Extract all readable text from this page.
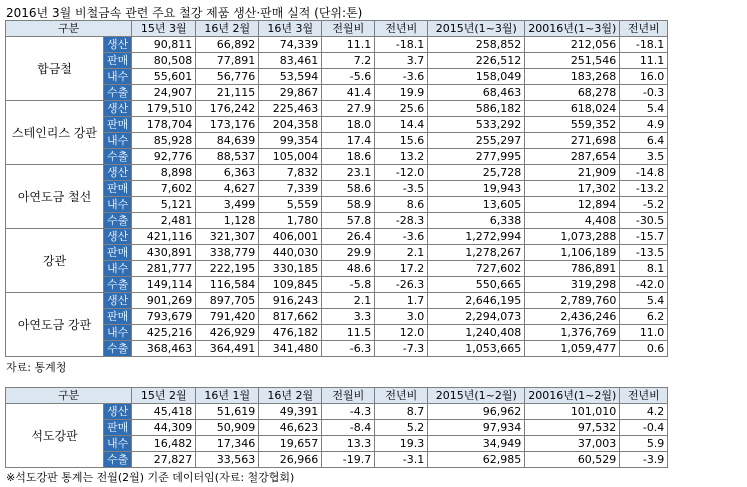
2016년 3월 비철금속 관련 주요 철강 제품 생산·판매 실적 (단위:톤)
구분		15년 3월	16년 2월	16년 3월	전월비	전년비	2015년(1~3월)	20016년(1~3월)	전년비
합금철	생산	90,811	66,892	74,339	11.1	-18.1	258,852	212,056	-18.1
	판매	80,508	77,891	83,461	7.2	3.7	226,512	251,546	11.1
	내수	55,601	56,776	53,594	-5.6	-3.6	158,049	183,268	16.0
	수출	24,907	21,115	29,867	41.4	19.9	68,463	68,278	-0.3
스테인리스 강판	생산	179,510	176,242	225,463	27.9	25.6	586,182	618,024	5.4
	판매	178,704	173,176	204,358	18.0	14.4	533,292	559,352	4.9
	내수	85,928	84,639	99,354	17.4	15.6	255,297	271,698	6.4
	수출	92,776	88,537	105,004	18.6	13.2	277,995	287,654	3.5
아연도금 철선	생산	8,898	6,363	7,832	23.1	-12.0	25,728	21,909	-14.8
	판매	7,602	4,627	7,339	58.6	-3.5	19,943	17,302	-13.2
	내수	5,121	3,499	5,559	58.9	8.6	13,605	12,894	-5.2
	수출	2,481	1,128	1,780	57.8	-28.3	6,338	4,408	-30.5
강관	생산	421,116	321,307	406,001	26.4	-3.6	1,272,994	1,073,288	-15.7
	판매	430,891	338,779	440,030	29.9	2.1	1,278,267	1,106,189	-13.5
	내수	281,777	222,195	330,185	48.6	17.2	727,602	786,891	8.1
	수출	149,114	116,584	109,845	-5.8	-26.3	550,665	319,298	-42.0
아연도금 강판	생산	901,269	897,705	916,243	2.1	1.7	2,646,195	2,789,760	5.4
	판매	793,679	791,420	817,662	3.3	3.0	2,294,073	2,436,246	6.2
	내수	425,216	426,929	476,182	11.5	12.0	1,240,408	1,376,769	11.0
	수출	368,463	364,491	341,480	-6.3	-7.3	1,053,665	1,059,477	0.6
자료: 통계청
구분		15년 2월	16년 1월	16년 2월	전월비	전년비	2015년(1~2월)	20016년(1~2월)	전년비
석도강판	생산	45,418	51,619	49,391	-4.3	8.7	96,962	101,010	4.2
	판매	44,309	50,909	46,623	-8.4	5.2	97,934	97,532	-0.4
	내수	16,482	17,346	19,657	13.3	19.3	34,949	37,003	5.9
	수출	27,827	33,563	26,966	-19.7	-3.1	62,985	60,529	-3.9
※석도강판 통계는 전월(2월) 기준 데이터임(자료: 철강협회)
